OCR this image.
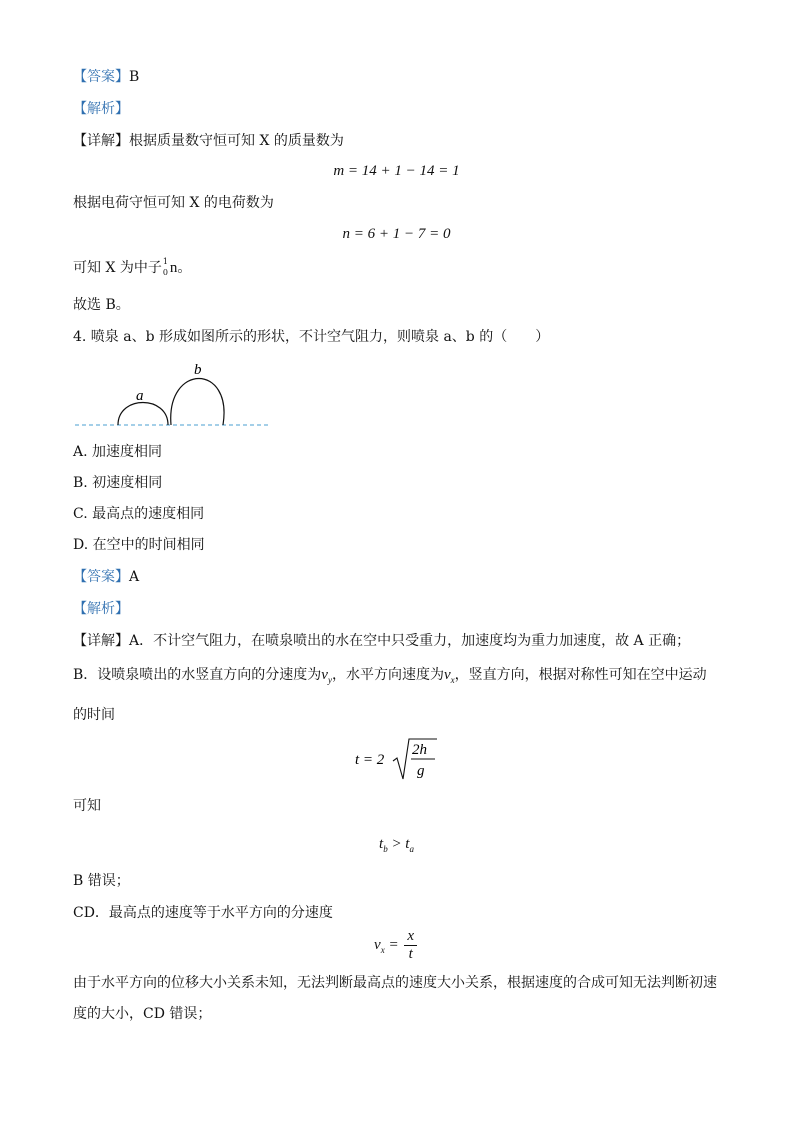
【答案】B
【解析】
【详解】根据质量数守恒可知 X 的质量数为
m = 14 + 1 − 14 = 1
根据电荷守恒可知 X 的电荷数为
n = 6 + 1 − 7 = 0
可知 X 为中子 1
0 n。
故选 B。
4. 喷泉 a、b 形成如图所示的形状，不计空气阻力，则喷泉 a、b 的（　　）
a
b
A. 加速度相同
B. 初速度相同
C. 最高点的速度相同
D. 在空中的时间相同
【答案】A
【解析】
【详解】A．不计空气阻力，在喷泉喷出的水在空中只受重力，加速度均为重力加速度，故 A 正确；
B．设喷泉喷出的水竖直方向的分速度为$v_y$，水平方向速度为$v_x$，竖直方向，根据对称性可知在空中运动
的时间
t = 2
2h
g
可知
$t_b > t_a$
B 错误；
CD．最高点的速度等于水平方向的分速度
$v_x = \frac{x}{t}$
由于水平方向的位移大小关系未知，无法判断最高点的速度大小关系，根据速度的合成可知无法判断初速
度的大小，CD 错误；
